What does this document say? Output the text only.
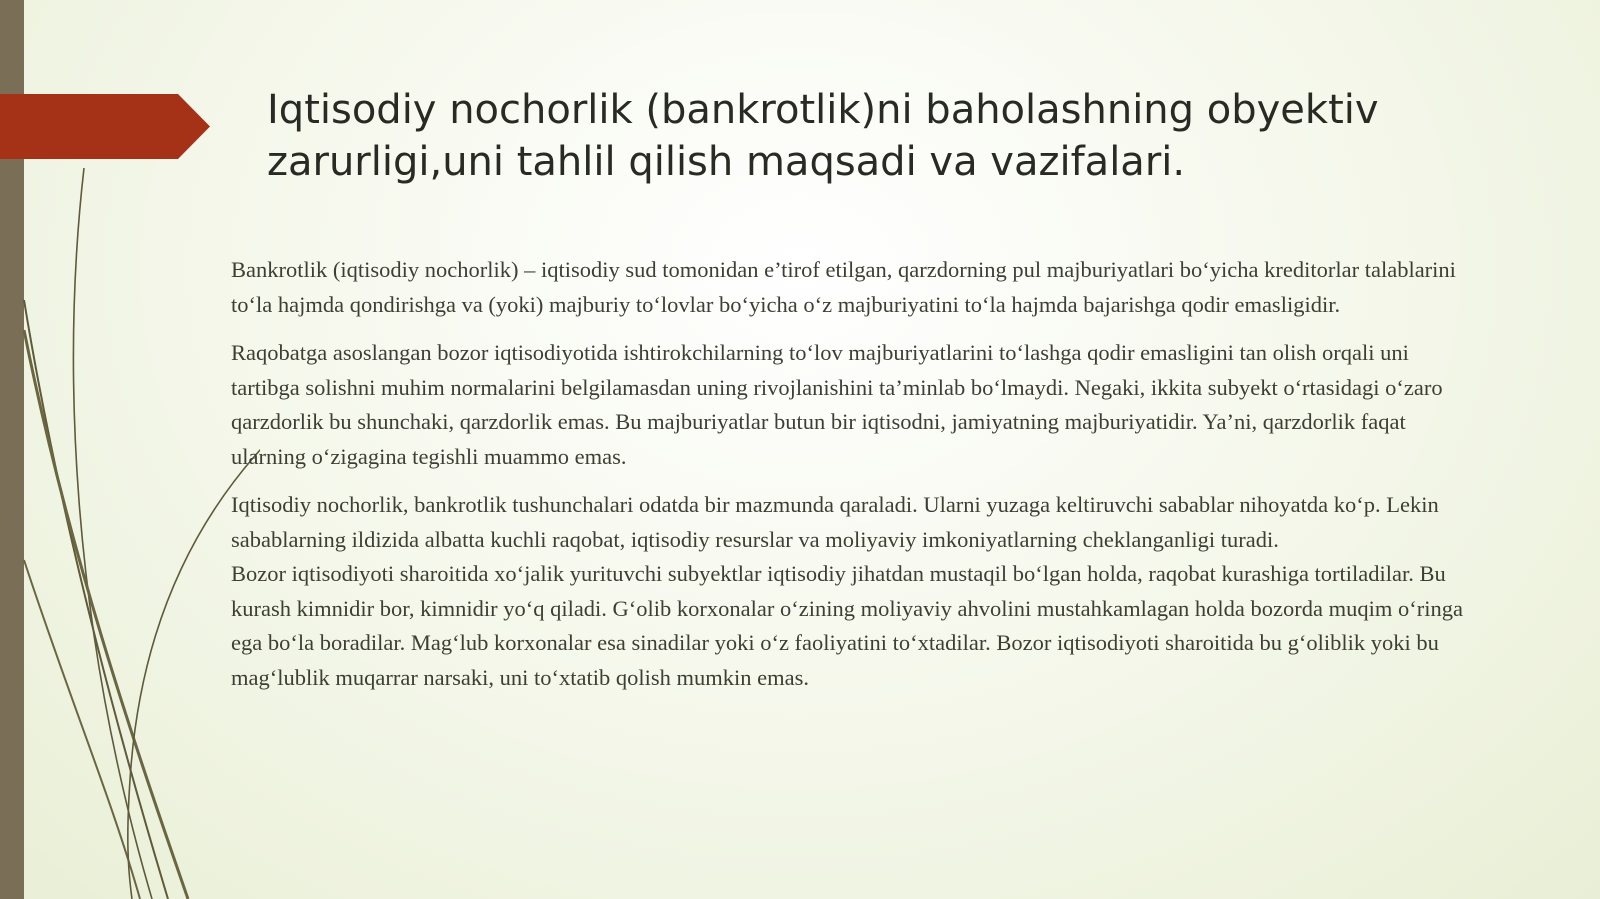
Iqtisodiy nochorlik (bankrotlik)ni baholashning obyektiv zarurligi,uni tahlil qilish maqsadi va vazifalari.

Bankrotlik (iqtisodiy nochorlik) – iqtisodiy sud tomonidan e’tirof etilgan, qarzdorning pul majburiyatlari bo‘yicha kreditorlar talablarini to‘la hajmda qondirishga va (yoki) majburiy to‘lovlar bo‘yicha o‘z majburiyatini to‘la hajmda bajarishga qodir emasligidir.

Raqobatga asoslangan bozor iqtisodiyotida ishtirokchilarning to‘lov majburiyatlarini to‘lashga qodir emasligini tan olish orqali uni tartibga solishni muhim normalarini belgilamasdan uning rivojlanishini ta’minlab bo‘lmaydi. Negaki, ikkita subyekt o‘rtasidagi o‘zaro qarzdorlik bu shunchaki, qarzdorlik emas. Bu majburiyatlar butun bir iqtisodni, jamiyatning majburiyatidir. Ya’ni, qarzdorlik faqat ularning o‘zigagina tegishli muammo emas.

Iqtisodiy nochorlik, bankrotlik tushunchalari odatda bir mazmunda qaraladi. Ularni yuzaga keltiruvchi sabablar nihoyatda ko‘p. Lekin sabablarning ildizida albatta kuchli raqobat, iqtisodiy resurslar va moliyaviy imkoniyatlarning cheklanganligi turadi.

Bozor iqtisodiyoti sharoitida xo‘jalik yurituvchi subyektlar iqtisodiy jihatdan mustaqil bo‘lgan holda, raqobat kurashiga tortiladilar. Bu kurash kimnidir bor, kimnidir yo‘q qiladi. G‘olib korxonalar o‘zining moliyaviy ahvolini mustahkamlagan holda bozorda muqim o‘ringa ega bo‘la boradilar. Mag‘lub korxonalar esa sinadilar yoki o‘z faoliyatini to‘xtadilar. Bozor iqtisodiyoti sharoitida bu g‘oliblik yoki bu mag‘lublik muqarrar narsaki, uni to‘xtatib qolish mumkin emas.
